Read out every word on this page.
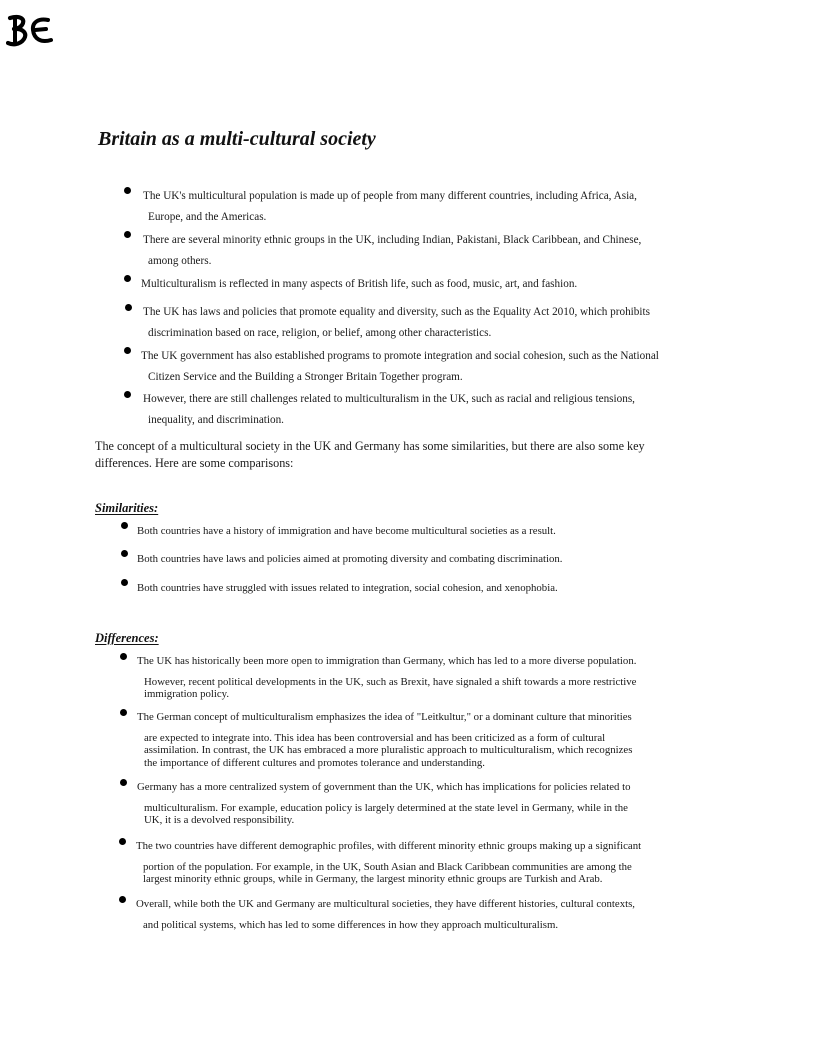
Britain as a multi-cultural society
The UK's multicultural population is made up of people from many different countries, including Africa, Asia,
Europe, and the Americas.
There are several minority ethnic groups in the UK, including Indian, Pakistani, Black Caribbean, and Chinese,
among others.
Multiculturalism is reflected in many aspects of British life, such as food, music, art, and fashion.
The UK has laws and policies that promote equality and diversity, such as the Equality Act 2010, which prohibits
discrimination based on race, religion, or belief, among other characteristics.
The UK government has also established programs to promote integration and social cohesion, such as the National
Citizen Service and the Building a Stronger Britain Together program.
However, there are still challenges related to multiculturalism in the UK, such as racial and religious tensions,
inequality, and discrimination.
The concept of a multicultural society in the UK and Germany has some similarities, but there are also some key
differences. Here are some comparisons:
Similarities:
Both countries have a history of immigration and have become multicultural societies as a result.
Both countries have laws and policies aimed at promoting diversity and combating discrimination.
Both countries have struggled with issues related to integration, social cohesion, and xenophobia.
Differences:
The UK has historically been more open to immigration than Germany, which has led to a more diverse population.
However, recent political developments in the UK, such as Brexit, have signaled a shift towards a more restrictive
immigration policy.
The German concept of multiculturalism emphasizes the idea of "Leitkultur," or a dominant culture that minorities
are expected to integrate into. This idea has been controversial and has been criticized as a form of cultural
assimilation. In contrast, the UK has embraced a more pluralistic approach to multiculturalism, which recognizes
the importance of different cultures and promotes tolerance and understanding.
Germany has a more centralized system of government than the UK, which has implications for policies related to
multiculturalism. For example, education policy is largely determined at the state level in Germany, while in the
UK, it is a devolved responsibility.
The two countries have different demographic profiles, with different minority ethnic groups making up a significant
portion of the population. For example, in the UK, South Asian and Black Caribbean communities are among the
largest minority ethnic groups, while in Germany, the largest minority ethnic groups are Turkish and Arab.
Overall, while both the UK and Germany are multicultural societies, they have different histories, cultural contexts,
and political systems, which has led to some differences in how they approach multiculturalism.
